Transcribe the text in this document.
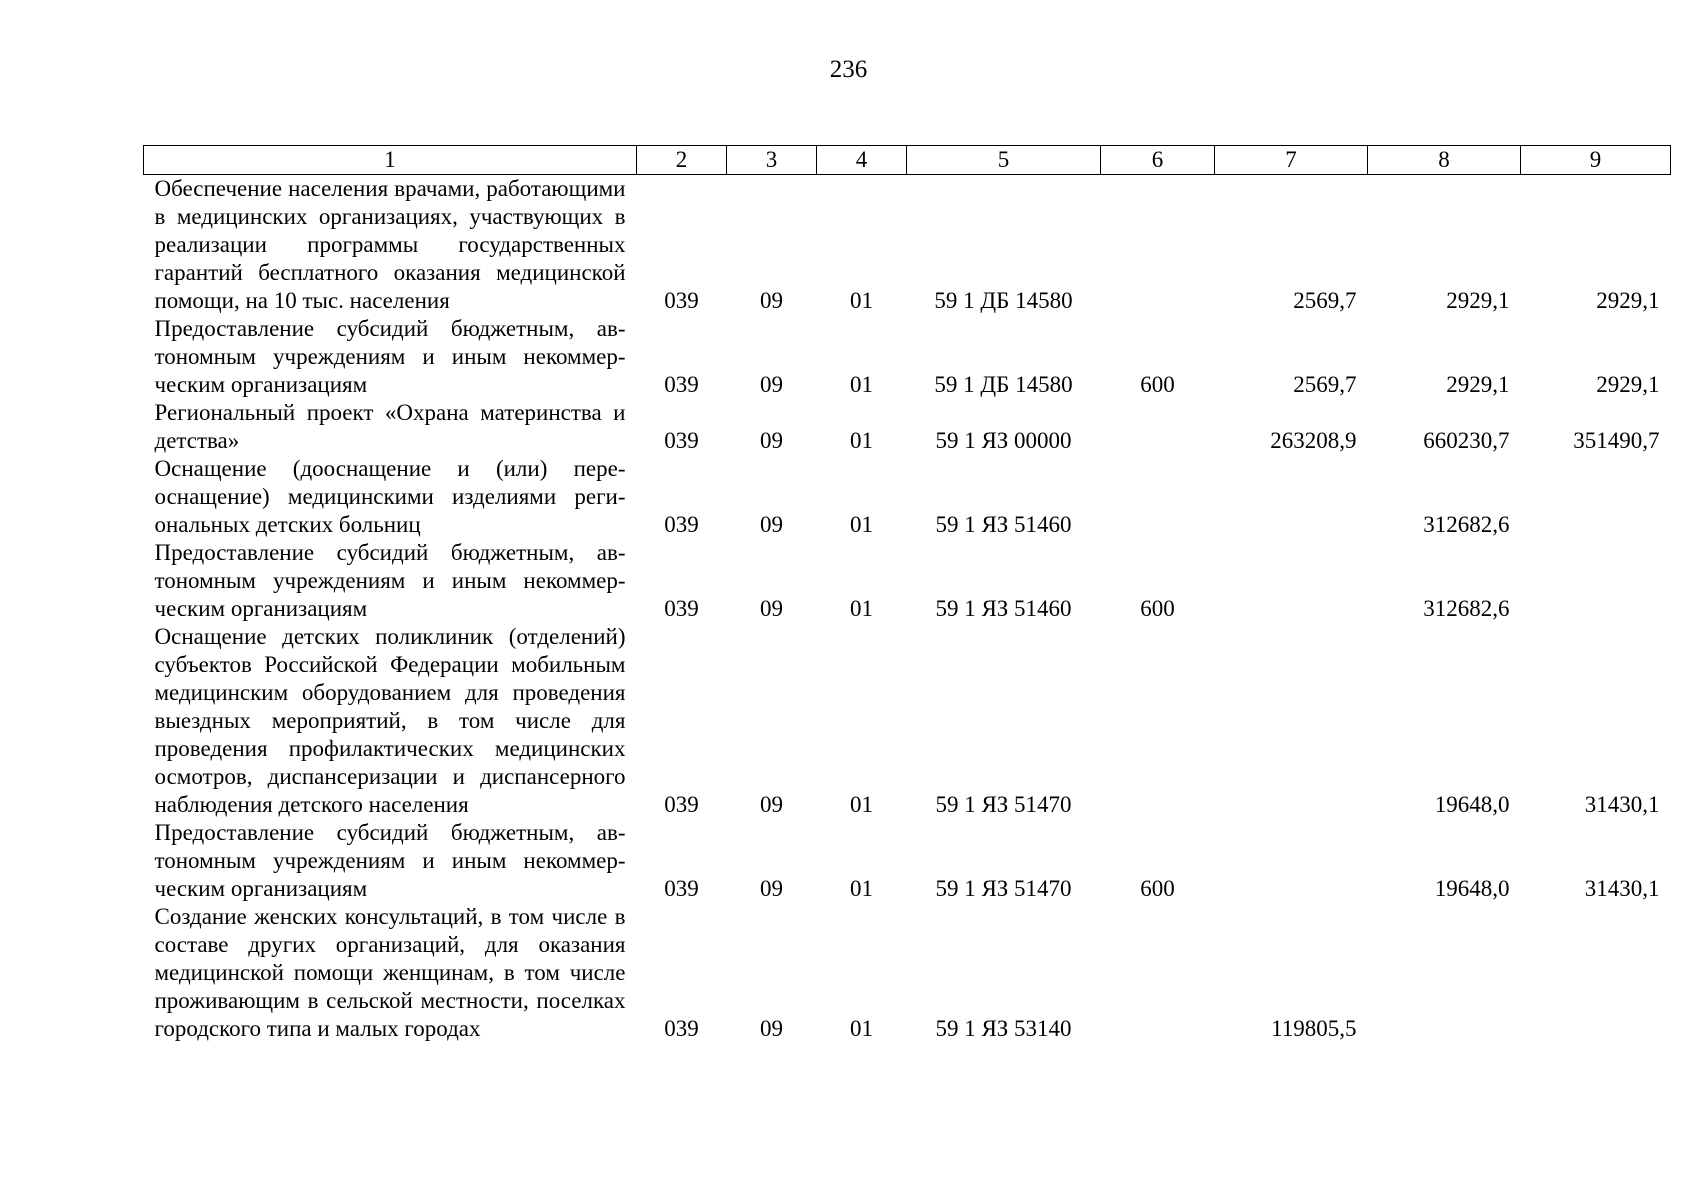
236
1	2	3	4	5	6	7	8	9
Обеспечение населения врачами, работающими в медицинских организациях, участвующих в реализации программы государственных гарантий бесплатного оказания медицинской помощи, на 10 тыс. населения	039	09	01	59 1 ДБ 14580		2569,7	2929,1	2929,1
Предоставление субсидий бюджетным, автономным учреждениям и иным некоммерческим организациям	039	09	01	59 1 ДБ 14580	600	2569,7	2929,1	2929,1
Региональный проект «Охрана материнства и детства»	039	09	01	59 1 ЯЗ 00000		263208,9	660230,7	351490,7
Оснащение (дооснащение и (или) переоснащение) медицинскими изделиями региональных детских больниц	039	09	01	59 1 ЯЗ 51460			312682,6	
Предоставление субсидий бюджетным, автономным учреждениям и иным некоммерческим организациям	039	09	01	59 1 ЯЗ 51460	600		312682,6	
Оснащение детских поликлиник (отделений) субъектов Российской Федерации мобильным медицинским оборудованием для проведения выездных мероприятий, в том числе для проведения профилактических медицинских осмотров, диспансеризации и диспансерного наблюдения детского населения	039	09	01	59 1 ЯЗ 51470			19648,0	31430,1
Предоставление субсидий бюджетным, автономным учреждениям и иным некоммерческим организациям	039	09	01	59 1 ЯЗ 51470	600		19648,0	31430,1
Создание женских консультаций, в том числе в составе других организаций, для оказания медицинской помощи женщинам, в том числе проживающим в сельской местности, поселках городского типа и малых городах	039	09	01	59 1 ЯЗ 53140		119805,5		
